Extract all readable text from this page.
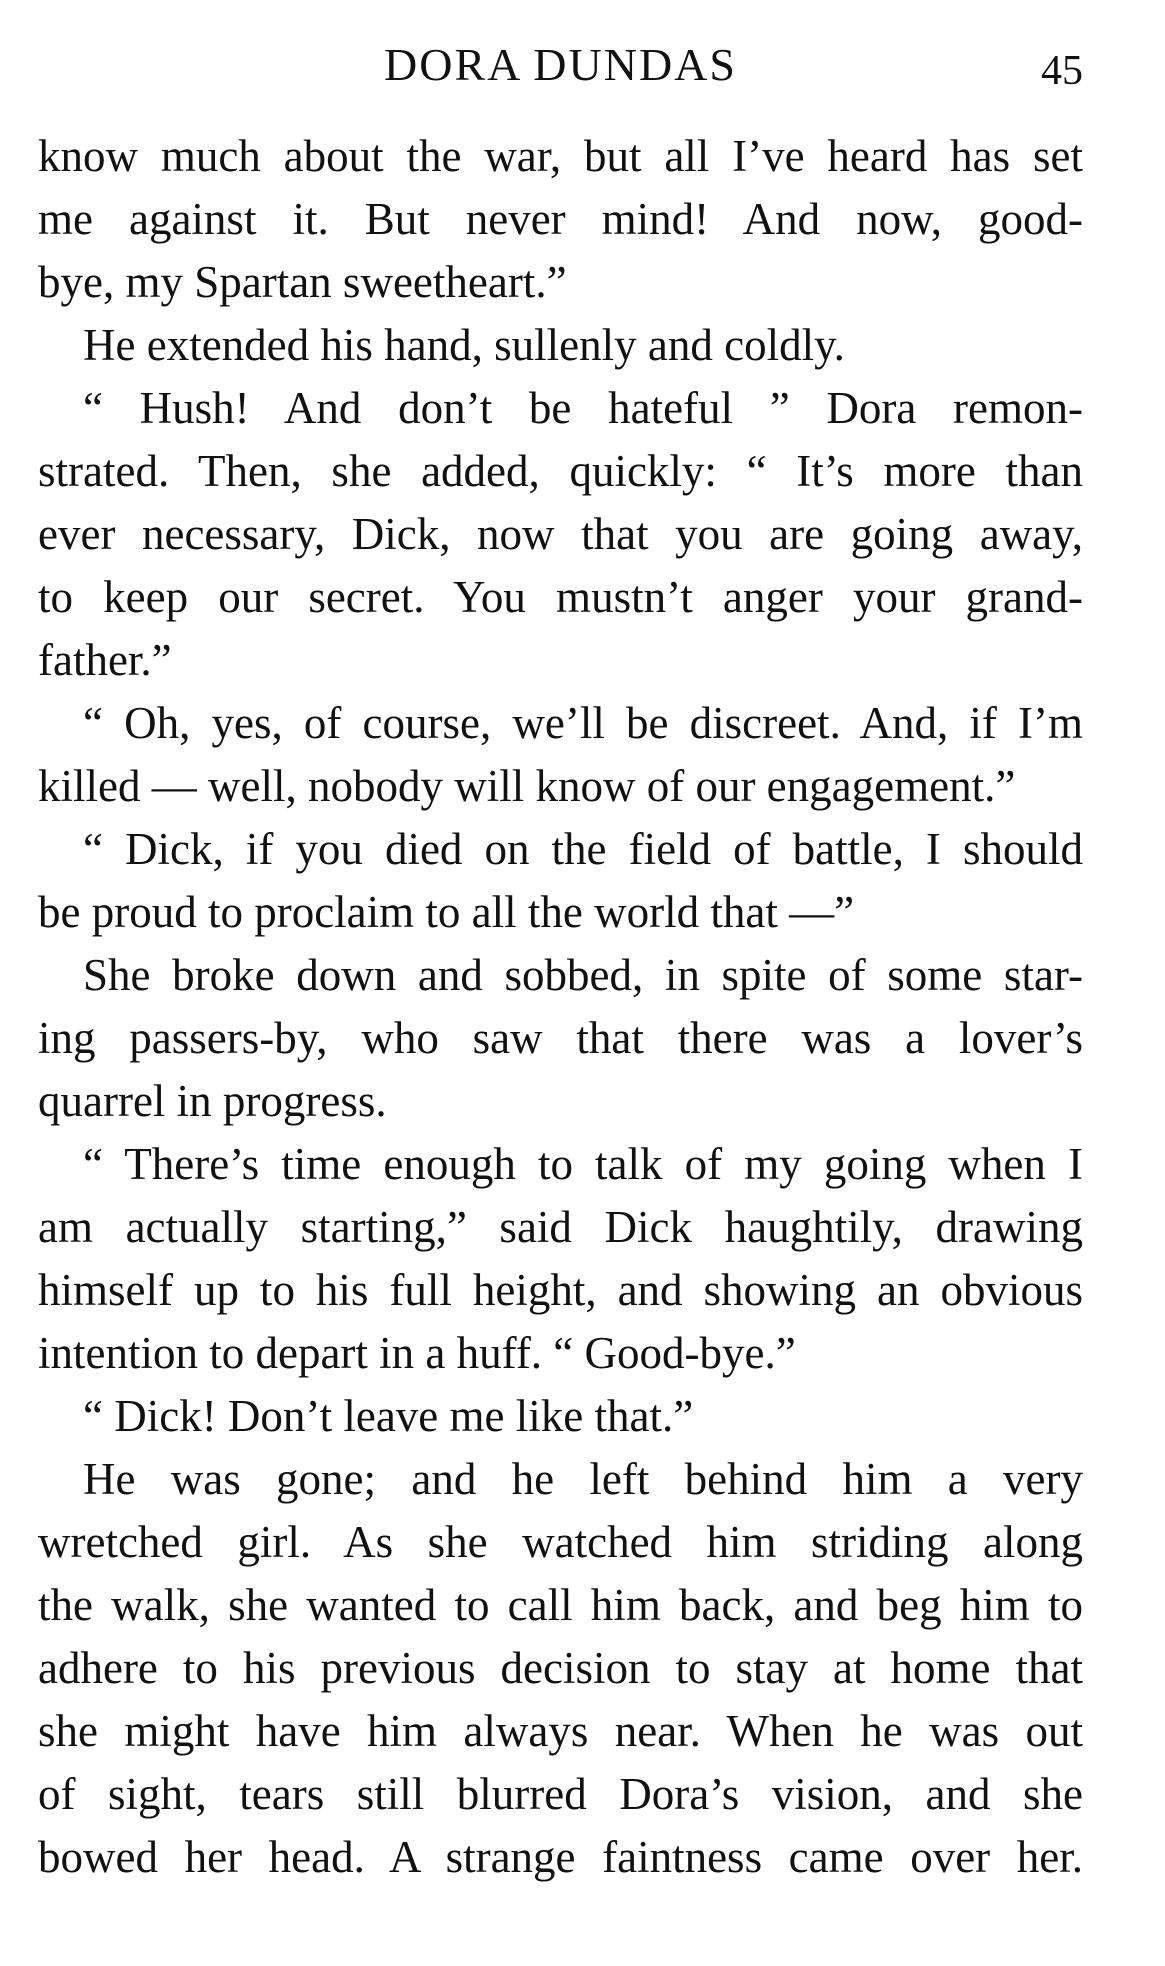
DORA DUNDAS	45
know much about the war, but all I’ve heard has set
me against it. But never mind! And now, good-
bye, my Spartan sweetheart.”
He extended his hand, sullenly and coldly.
“ Hush! And don’t be hateful ” Dora remon-
strated. Then, she added, quickly: “ It’s more than
ever necessary, Dick, now that you are going away,
to keep our secret. You mustn’t anger your grand-
father.”
“ Oh, yes, of course, we’ll be discreet. And, if I’m
killed — well, nobody will know of our engagement.”
“ Dick, if you died on the field of battle, I should
be proud to proclaim to all the world that —”
She broke down and sobbed, in spite of some star-
ing passers-by, who saw that there was a lover’s
quarrel in progress.
“ There’s time enough to talk of my going when I
am actually starting,” said Dick haughtily, drawing
himself up to his full height, and showing an obvious
intention to depart in a huff. “ Good-bye.”
“ Dick! Don’t leave me like that.”
He was gone; and he left behind him a very
wretched girl. As she watched him striding along
the walk, she wanted to call him back, and beg him to
adhere to his previous decision to stay at home that
she might have him always near. When he was out
of sight, tears still blurred Dora’s vision, and she
bowed her head. A strange faintness came over her.
